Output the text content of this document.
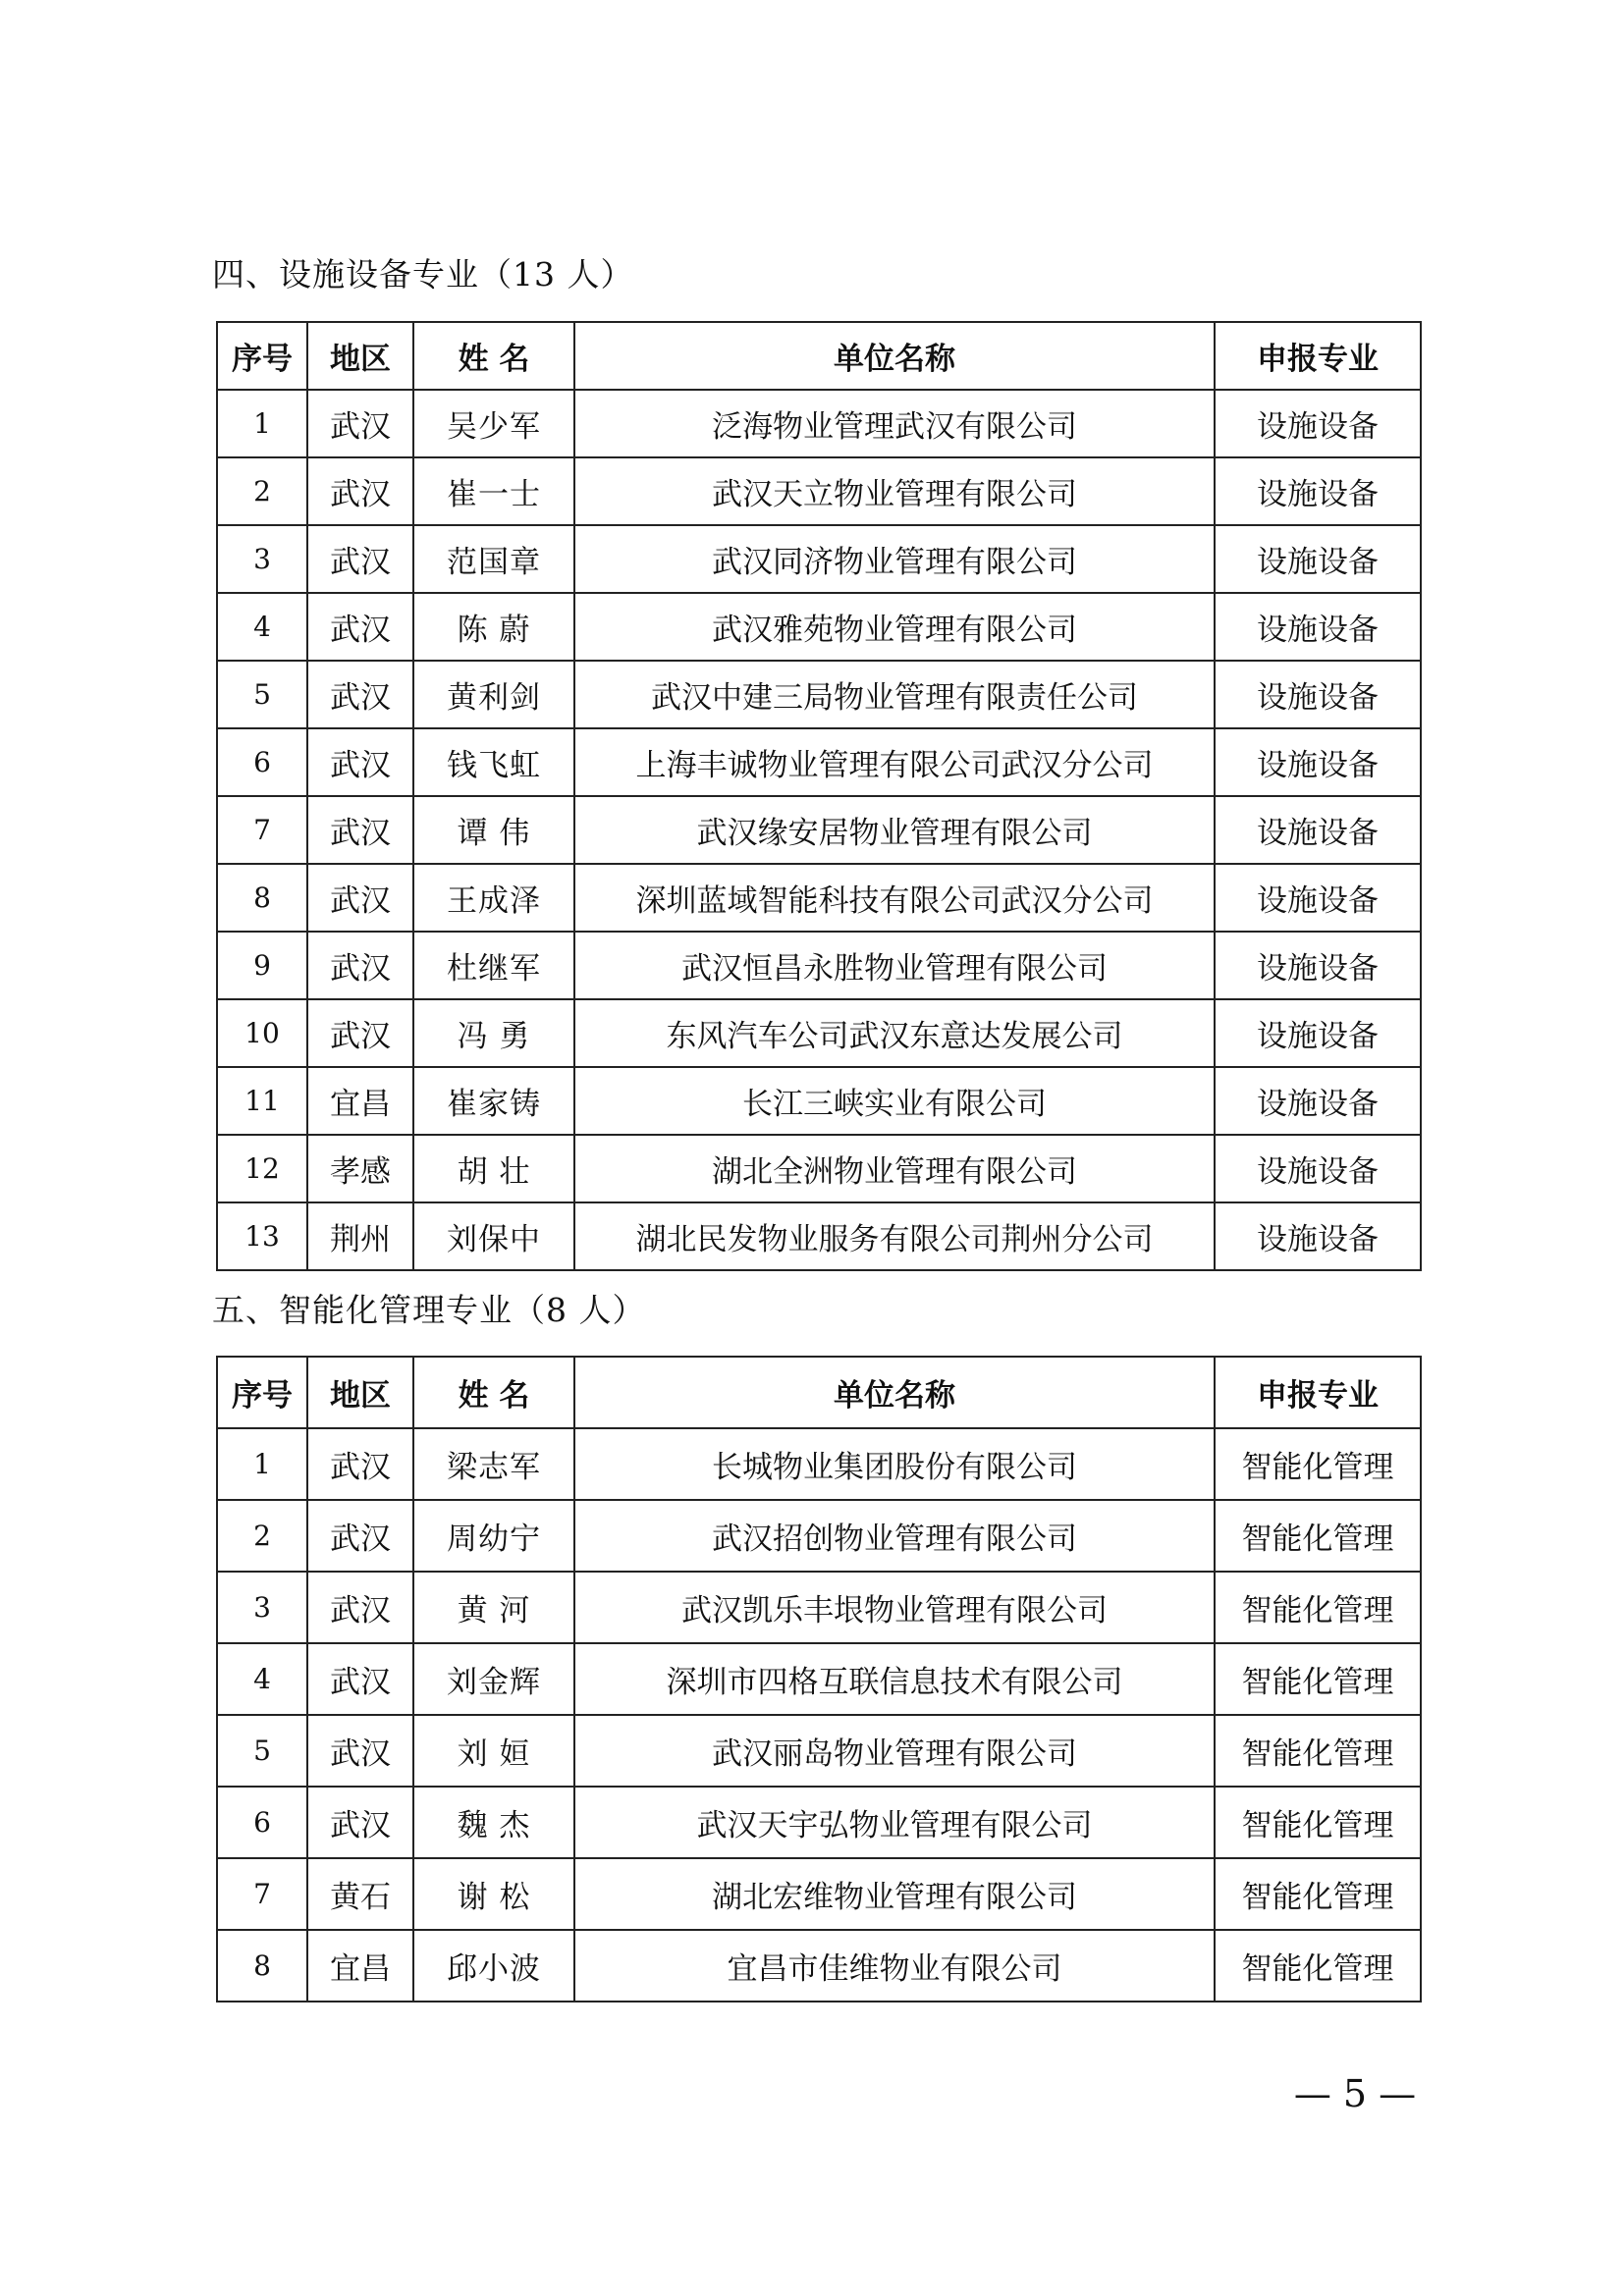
四、设施设备专业（13 人）
序号	地区	姓 名	单位名称	申报专业
1	武汉	吴少军	泛海物业管理武汉有限公司	设施设备
2	武汉	崔一士	武汉天立物业管理有限公司	设施设备
3	武汉	范国章	武汉同济物业管理有限公司	设施设备
4	武汉	陈 蔚	武汉雅苑物业管理有限公司	设施设备
5	武汉	黄利剑	武汉中建三局物业管理有限责任公司	设施设备
6	武汉	钱飞虹	上海丰诚物业管理有限公司武汉分公司	设施设备
7	武汉	谭 伟	武汉缘安居物业管理有限公司	设施设备
8	武汉	王成泽	深圳蓝域智能科技有限公司武汉分公司	设施设备
9	武汉	杜继军	武汉恒昌永胜物业管理有限公司	设施设备
10	武汉	冯 勇	东风汽车公司武汉东意达发展公司	设施设备
11	宜昌	崔家铸	长江三峡实业有限公司	设施设备
12	孝感	胡 壮	湖北全洲物业管理有限公司	设施设备
13	荆州	刘保中	湖北民发物业服务有限公司荆州分公司	设施设备
五、智能化管理专业（8 人）
序号	地区	姓 名	单位名称	申报专业
1	武汉	梁志军	长城物业集团股份有限公司	智能化管理
2	武汉	周幼宁	武汉招创物业管理有限公司	智能化管理
3	武汉	黄 河	武汉凯乐丰垠物业管理有限公司	智能化管理
4	武汉	刘金辉	深圳市四格互联信息技术有限公司	智能化管理
5	武汉	刘 姮	武汉丽岛物业管理有限公司	智能化管理
6	武汉	魏 杰	武汉天宇弘物业管理有限公司	智能化管理
7	黄石	谢 松	湖北宏维物业管理有限公司	智能化管理
8	宜昌	邱小波	宜昌市佳维物业有限公司	智能化管理
— 5 —
